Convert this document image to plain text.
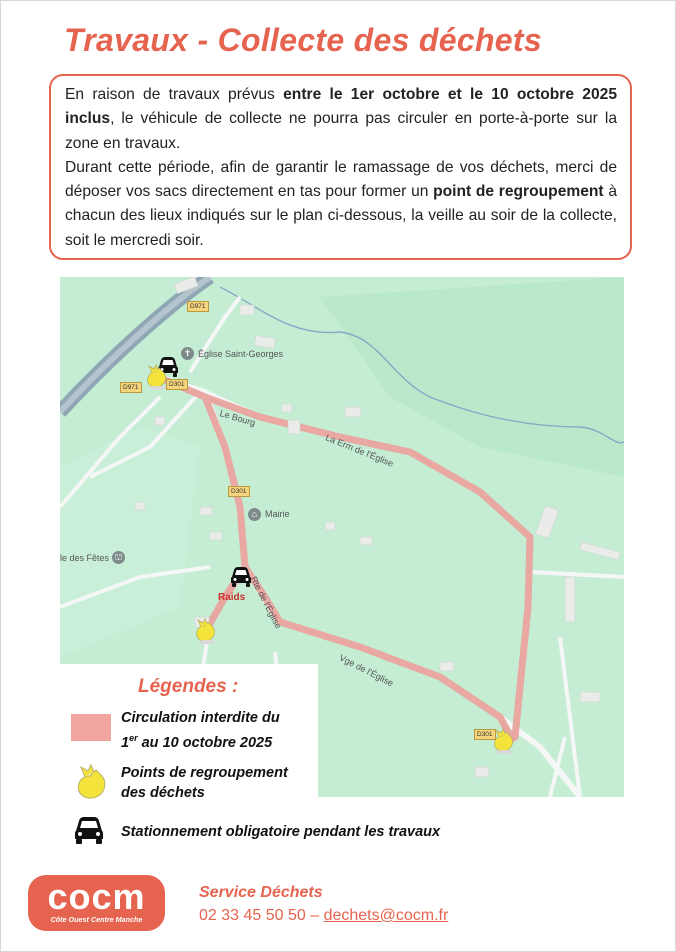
Travaux - Collecte des déchets

En raison de travaux prévus entre le 1er octobre et le 10 octobre 2025 inclus, le véhicule de collecte ne pourra pas circuler en porte-à-porte sur la zone en travaux.

Durant cette période, afin de garantir le ramassage de vos déchets, merci de déposer vos sacs directement en tas pour former un point de regroupement à chacun des lieux indiqués sur le plan ci-dessous, la veille au soir de la collecte, soit le mercredi soir.

D971
D971	D301
D301
D301
✝ Église Saint-Georges
⌂ Mairie
le des Fêtes ⛫
Le Bourg
La Erm de l'Église
Rte de l'Église
Vge de l'Église
Raids
Légendes :
Circulation interdite du
1er au 10 octobre 2025
Points de regroupement
des déchets
Stationnement obligatoire pendant les travaux
cocm
Côte Ouest Centre Manche
Service Déchets
02 33 45 50 50 – dechets@cocm.fr
